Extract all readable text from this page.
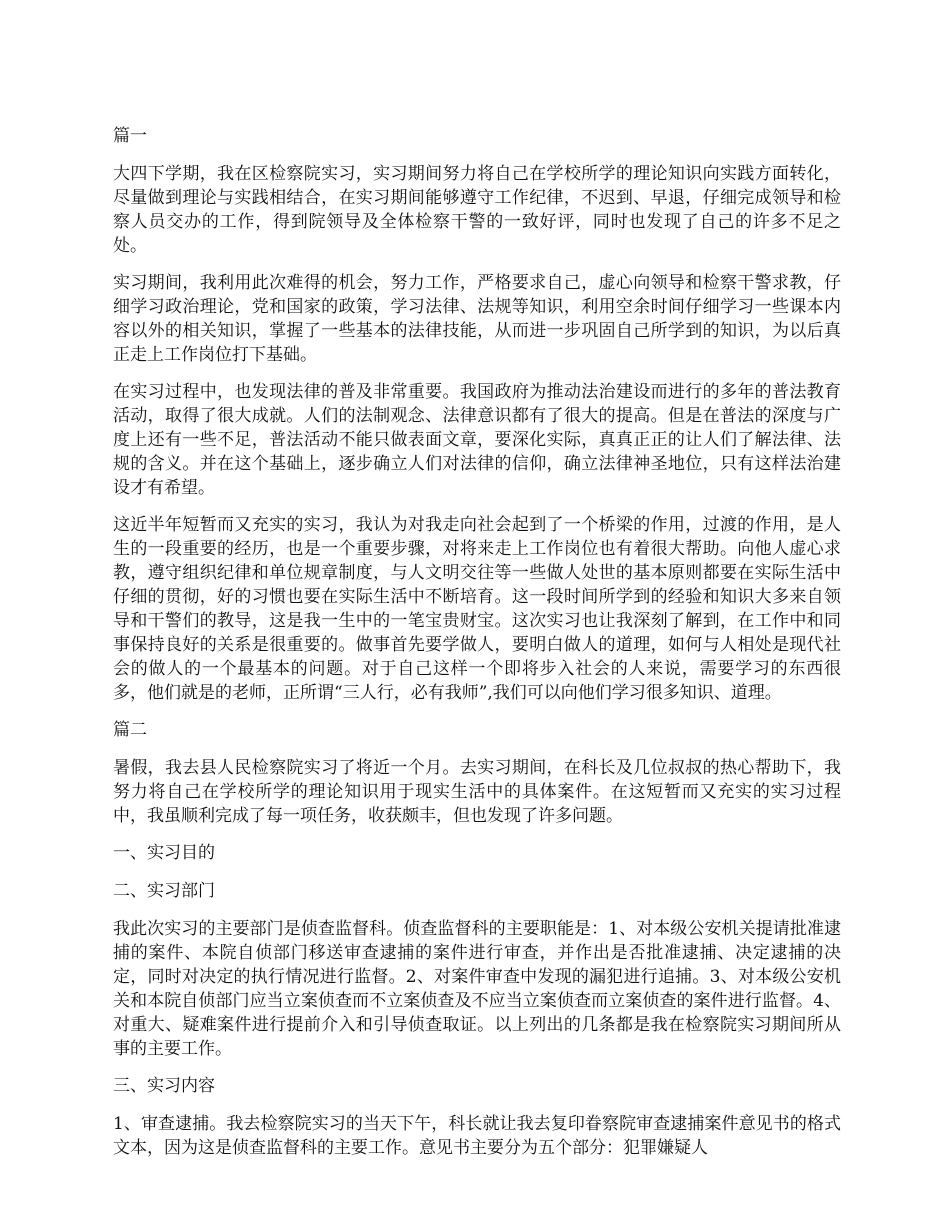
篇一
大四下学期，我在区检察院实习，实习期间努力将自己在学校所学的理论知识向实践方面转化，尽量做到理论与实践相结合，在实习期间能够遵守工作纪律，不迟到、早退，仔细完成领导和检察人员交办的工作，得到院领导及全体检察干警的一致好评，同时也发现了自己的许多不足之处。
实习期间，我利用此次难得的机会，努力工作，严格要求自己，虚心向领导和检察干警求教，仔细学习政治理论，党和国家的政策，学习法律、法规等知识，利用空余时间仔细学习一些课本内容以外的相关知识，掌握了一些基本的法律技能，从而进一步巩固自己所学到的知识，为以后真正走上工作岗位打下基础。
在实习过程中，也发现法律的普及非常重要。我国政府为推动法治建设而进行的多年的普法教育活动，取得了很大成就。人们的法制观念、法律意识都有了很大的提高。但是在普法的深度与广度上还有一些不足，普法活动不能只做表面文章，要深化实际，真真正正的让人们了解法律、法规的含义。并在这个基础上，逐步确立人们对法律的信仰，确立法律神圣地位，只有这样法治建设才有希望。
这近半年短暂而又充实的实习，我认为对我走向社会起到了一个桥梁的作用，过渡的作用，是人生的一段重要的经历，也是一个重要步骤，对将来走上工作岗位也有着很大帮助。向他人虚心求教，遵守组织纪律和单位规章制度，与人文明交往等一些做人处世的基本原则都要在实际生活中仔细的贯彻，好的习惯也要在实际生活中不断培育。这一段时间所学到的经验和知识大多来自领导和干警们的教导，这是我一生中的一笔宝贵财宝。这次实习也让我深刻了解到，在工作中和同事保持良好的关系是很重要的。做事首先要学做人，要明白做人的道理，如何与人相处是现代社会的做人的一个最基本的问题。对于自己这样一个即将步入社会的人来说，需要学习的东西很多，他们就是的老师，正所谓“三人行，必有我师”,我们可以向他们学习很多知识、道理。
篇二
暑假，我去县人民检察院实习了将近一个月。去实习期间，在科长及几位叔叔的热心帮助下，我努力将自己在学校所学的理论知识用于现实生活中的具体案件。在这短暂而又充实的实习过程中，我虽顺利完成了每一项任务，收获颇丰，但也发现了许多问题。
一、实习目的
二、实习部门
我此次实习的主要部门是侦查监督科。侦查监督科的主要职能是：1、对本级公安机关提请批准逮捕的案件、本院自侦部门移送审查逮捕的案件进行审查，并作出是否批准逮捕、决定逮捕的决定，同时对决定的执行情况进行监督。2、对案件审查中发现的漏犯进行追捕。3、对本级公安机关和本院自侦部门应当立案侦查而不立案侦查及不应当立案侦查而立案侦查的案件进行监督。4、对重大、疑难案件进行提前介入和引导侦查取证。以上列出的几条都是我在检察院实习期间所从事的主要工作。
三、实习内容
1、审查逮捕。我去检察院实习的当天下午，科长就让我去复印眷察院审查逮捕案件意见书的格式文本，因为这是侦查监督科的主要工作。意见书主要分为五个部分：犯罪嫌疑人
